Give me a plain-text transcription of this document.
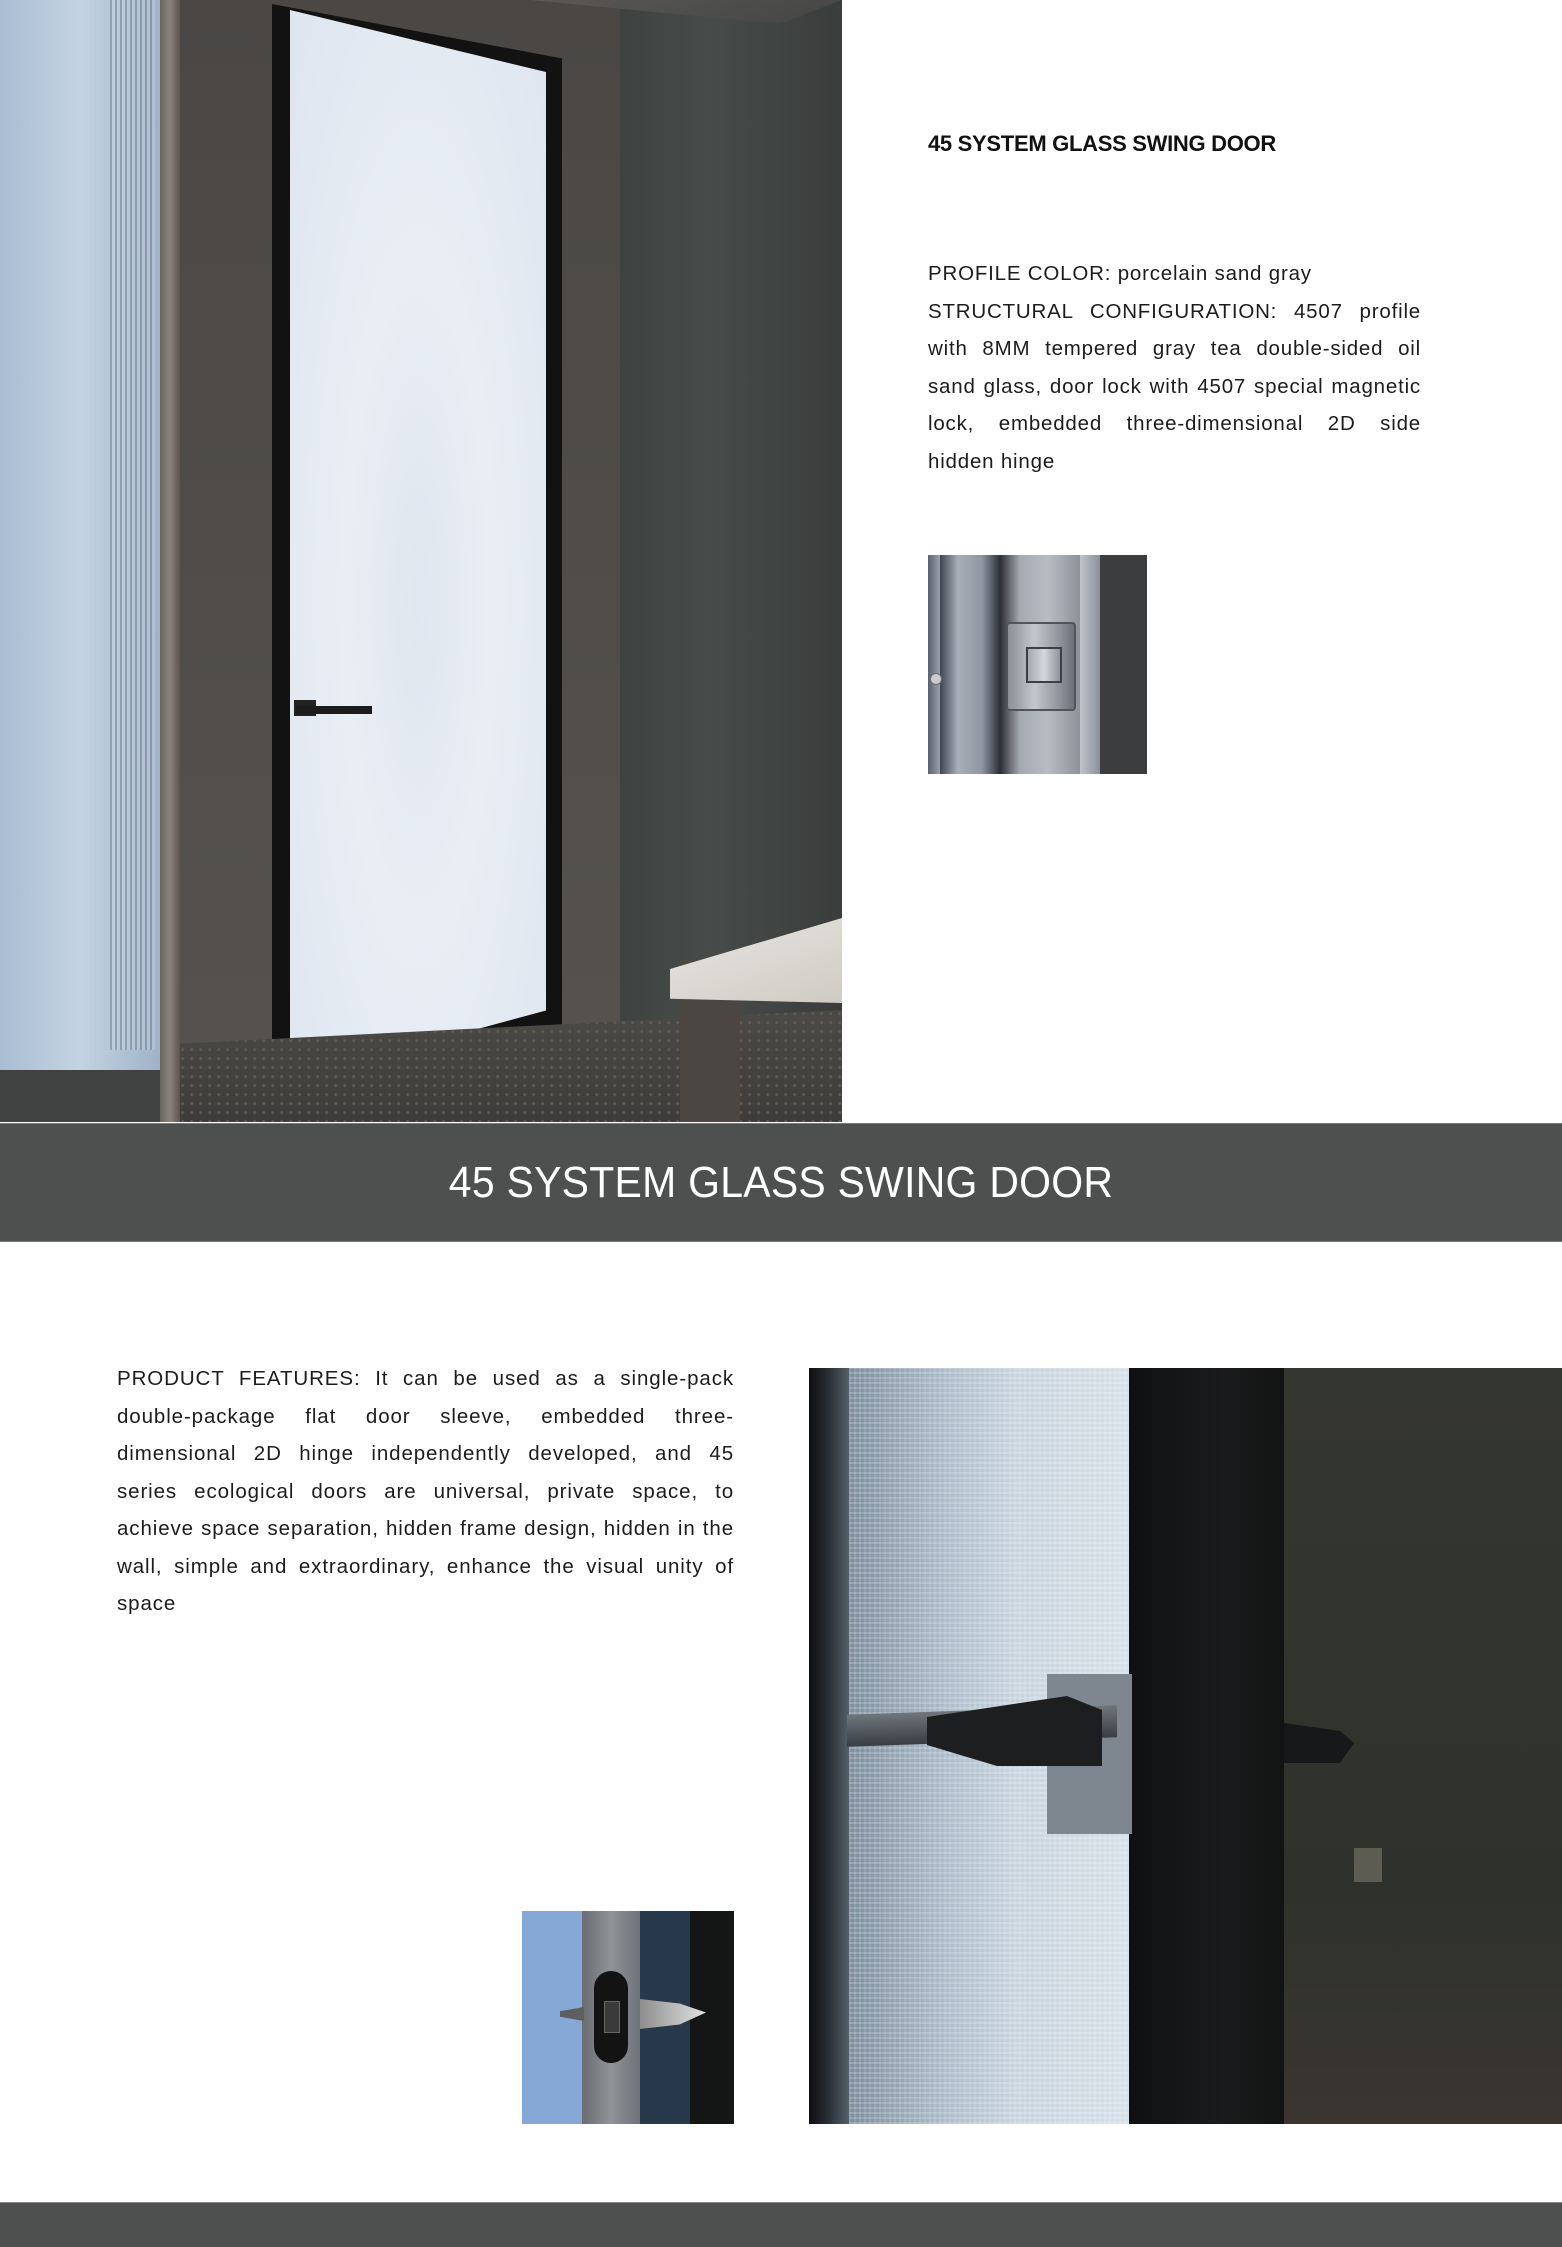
45 SYSTEM GLASS SWING DOOR

PROFILE COLOR: porcelain sand gray

STRUCTURAL CONFIGURATION: 4507 profile with 8MM tempered gray tea double-sided oil sand glass, door lock with 4507 special magnetic lock, embedded three-dimensional 2D side hidden hinge

45 SYSTEM GLASS SWING DOOR
PRODUCT FEATURES: It can be used as a single-pack double-package flat door sleeve, embedded three-dimensional 2D hinge independently developed, and 45 series ecological doors are universal, private space, to achieve space separation, hidden frame design, hidden in the wall, simple and extraordinary, enhance the visual unity of space
